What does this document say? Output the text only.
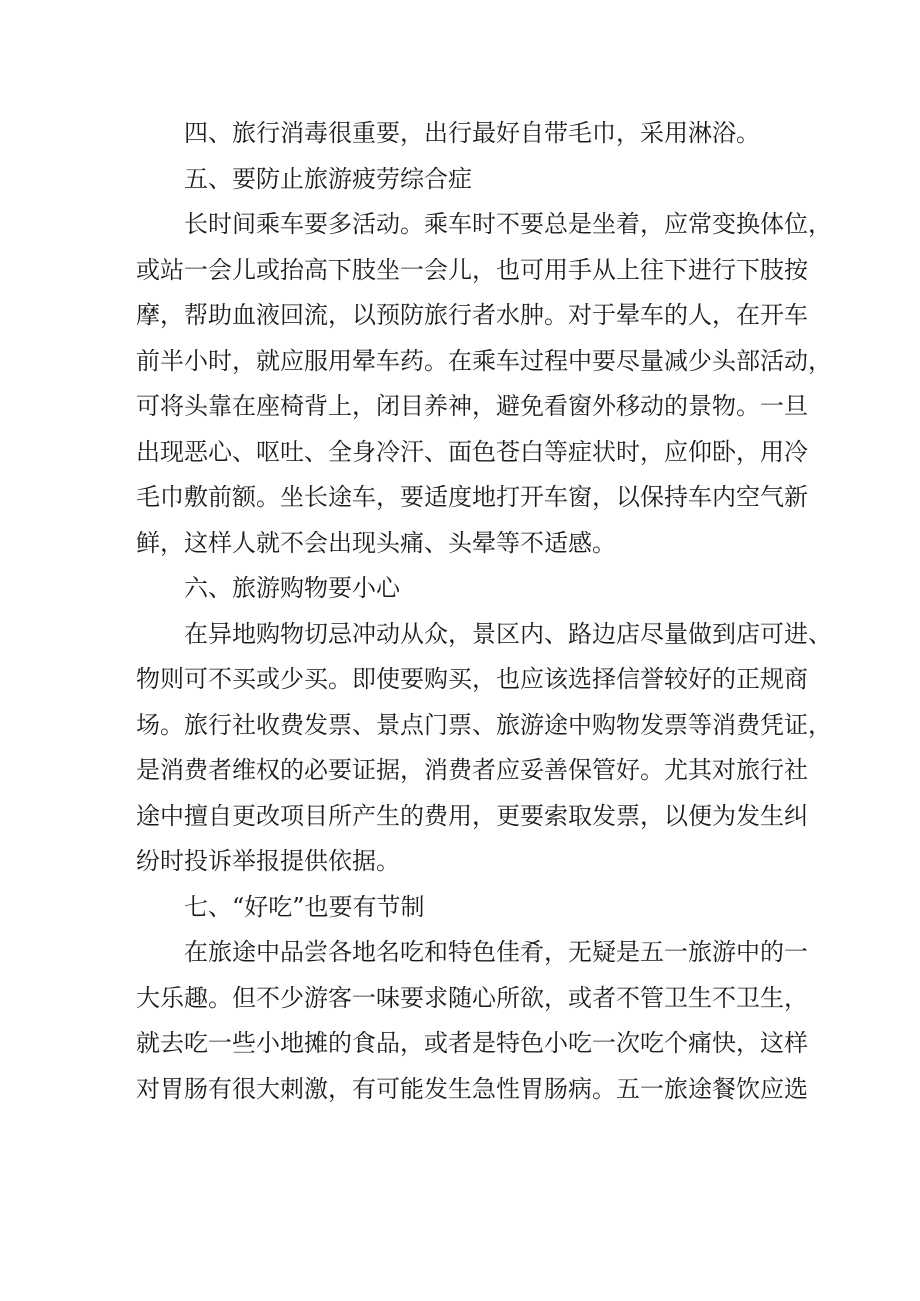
四、旅行消毒很重要，出行最好自带毛巾，采用淋浴。
五、要防止旅游疲劳综合症
长时间乘车要多活动。乘车时不要总是坐着，应常变换体位，
或站一会儿或抬高下肢坐一会儿，也可用手从上往下进行下肢按
摩，帮助血液回流，以预防旅行者水肿。对于晕车的人，在开车
前半小时，就应服用晕车药。在乘车过程中要尽量减少头部活动，
可将头靠在座椅背上，闭目养神，避免看窗外移动的景物。一旦
出现恶心、呕吐、全身冷汗、面色苍白等症状时，应仰卧，用冷
毛巾敷前额。坐长途车，要适度地打开车窗，以保持车内空气新
鲜，这样人就不会出现头痛、头晕等不适感。
六、旅游购物要小心
在异地购物切忌冲动从众，景区内、路边店尽量做到店可进、
物则可不买或少买。即使要购买，也应该选择信誉较好的正规商
场。旅行社收费发票、景点门票、旅游途中购物发票等消费凭证，
是消费者维权的必要证据，消费者应妥善保管好。尤其对旅行社
途中擅自更改项目所产生的费用，更要索取发票，以便为发生纠
纷时投诉举报提供依据。
七、“好吃”也要有节制
在旅途中品尝各地名吃和特色佳肴，无疑是五一旅游中的一
大乐趣。但不少游客一味要求随心所欲，或者不管卫生不卫生，
就去吃一些小地摊的食品，或者是特色小吃一次吃个痛快，这样
对胃肠有很大刺激，有可能发生急性胃肠病。五一旅途餐饮应选
